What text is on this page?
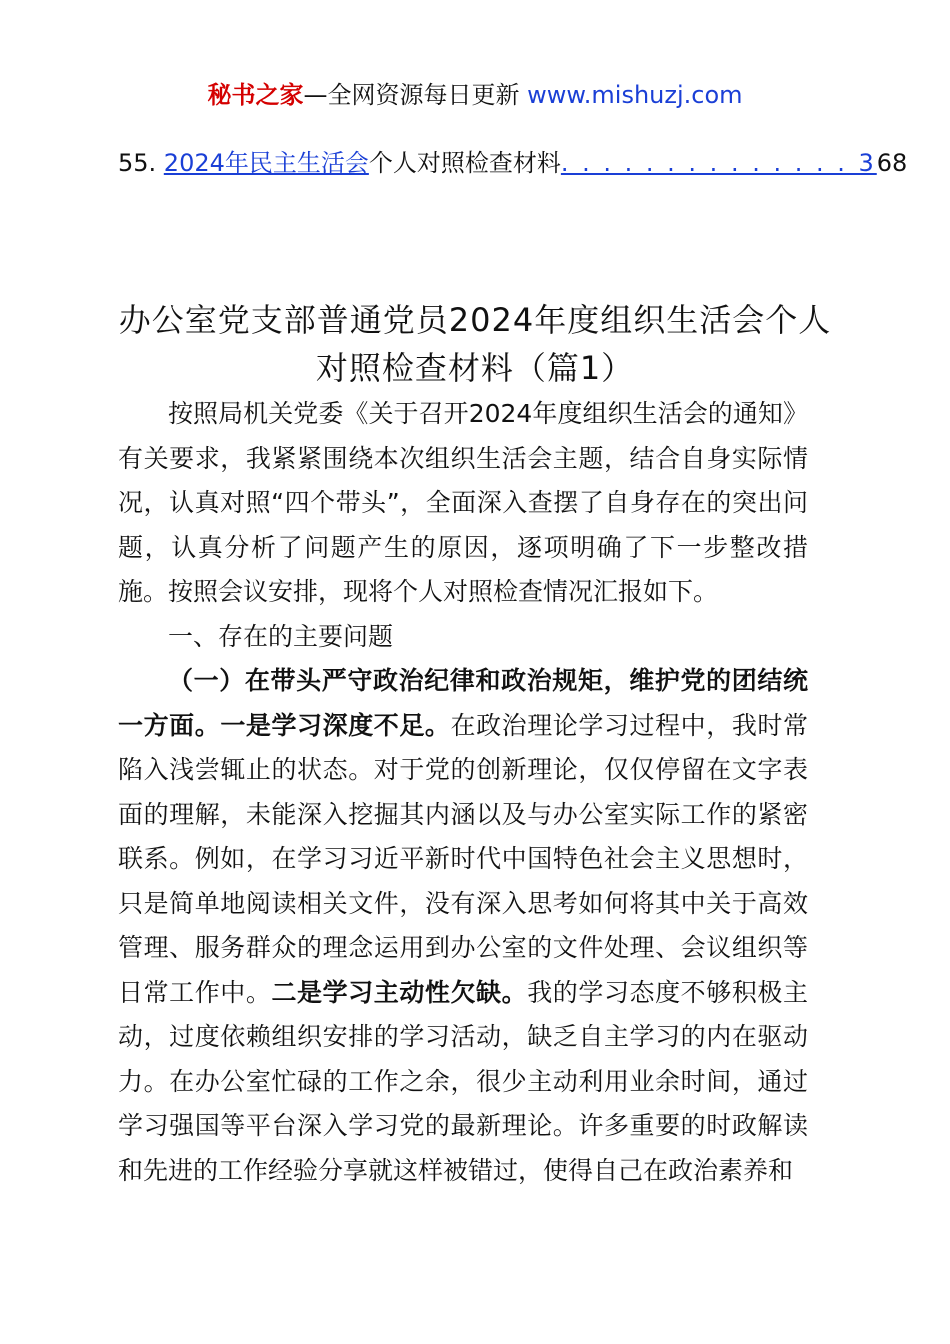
秘书之家—全网资源每日更新 www.mishuzj.com
55. 2024年民主生活会个人对照检查材料. . . . . . . . . . . . . . 368
办公室党支部普通党员2024年度组织生活会个人对照检查材料（篇1）

按照局机关党委《关于召开2024年度组织生活会的通知》有关要求，我紧紧围绕本次组织生活会主题，结合自身实际情况，认真对照“四个带头”，全面深入查摆了自身存在的突出问题，认真分析了问题产生的原因，逐项明确了下一步整改措施。按照会议安排，现将个人对照检查情况汇报如下。

一、存在的主要问题

（一）在带头严守政治纪律和政治规矩，维护党的团结统一方面。一是学习深度不足。在政治理论学习过程中，我时常陷入浅尝辄止的状态。对于党的创新理论，仅仅停留在文字表面的理解，未能深入挖掘其内涵以及与办公室实际工作的紧密联系。例如，在学习习近平新时代中国特色社会主义思想时，只是简单地阅读相关文件，没有深入思考如何将其中关于高效管理、服务群众的理念运用到办公室的文件处理、会议组织等日常工作中。二是学习主动性欠缺。我的学习态度不够积极主动，过度依赖组织安排的学习活动，缺乏自主学习的内在驱动力。在办公室忙碌的工作之余，很少主动利用业余时间，通过学习强国等平台深入学习党的最新理论。许多重要的时政解读和先进的工作经验分享就这样被错过，使得自己在政治素养和
